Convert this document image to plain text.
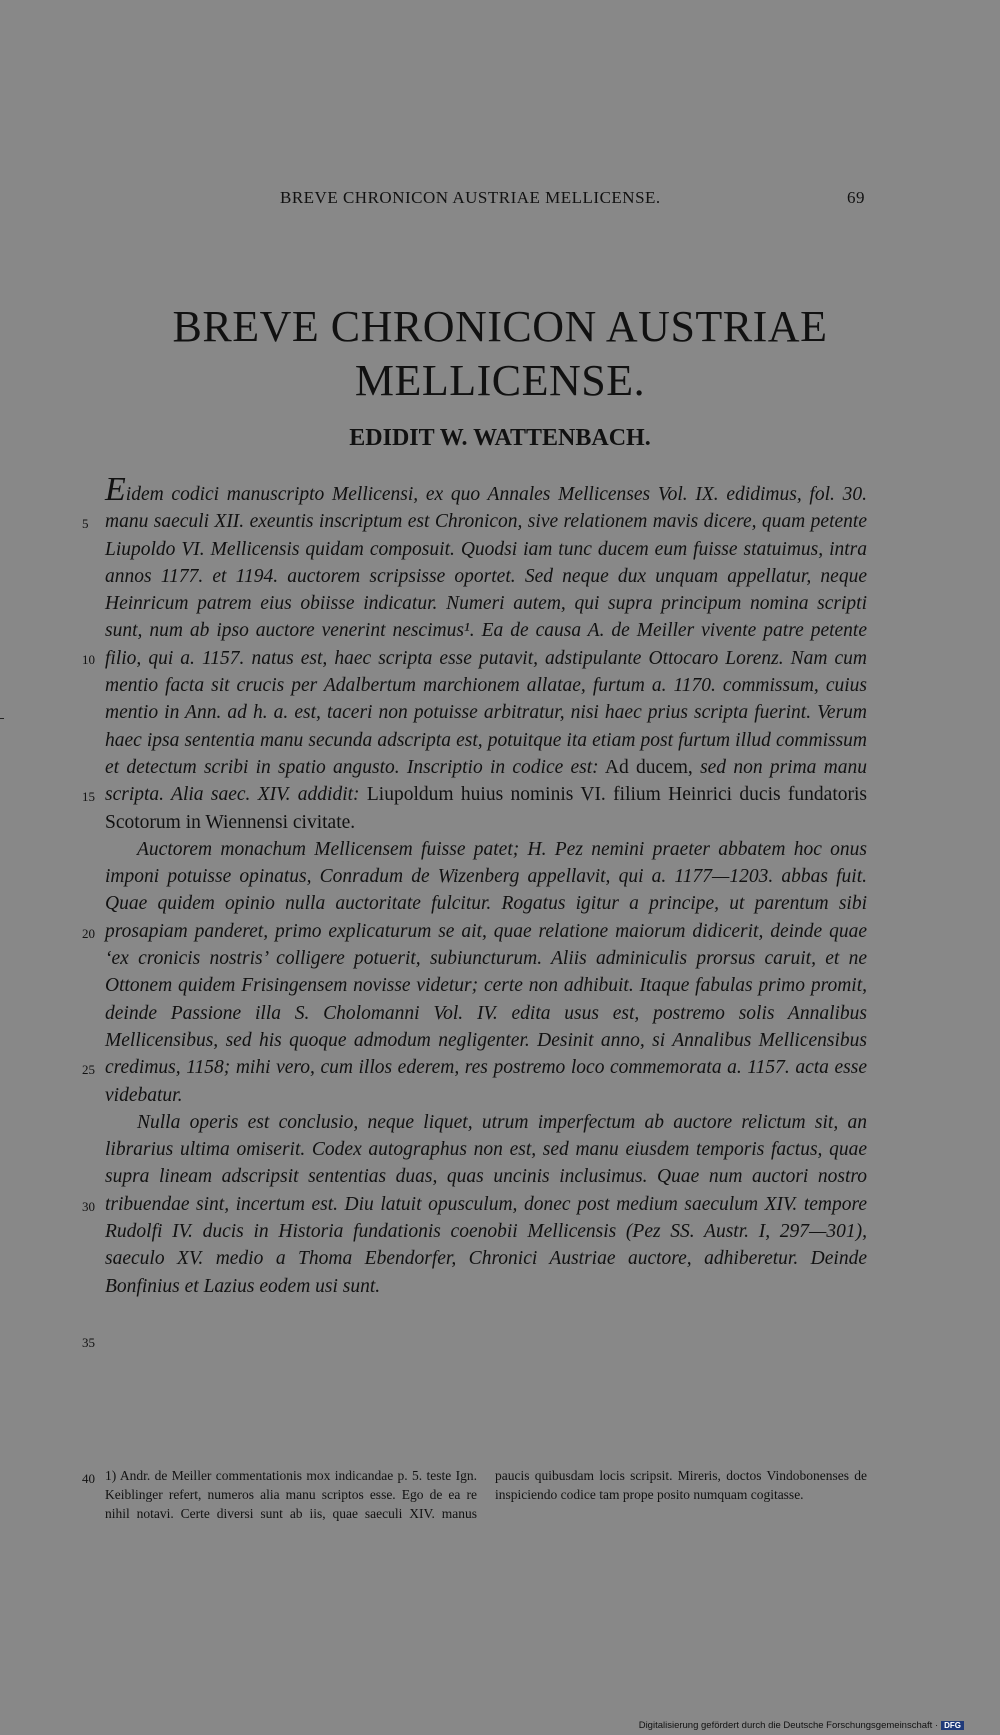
BREVE CHRONICON AUSTRIAE MELLICENSE.	69
BREVE CHRONICON AUSTRIAE
MELLICENSE.
EDIDIT W. WATTENBACH.

Eidem codici manuscripto Mellicensi, ex quo Annales Mellicenses Vol. IX. edidimus, fol. 30. manu saeculi XII. exeuntis inscriptum est Chronicon, sive relationem mavis dicere, quam petente Liupoldo VI. Mellicensis quidam composuit. Quodsi iam tunc ducem eum fuisse statuimus, intra annos 1177. et 1194. auctorem scripsisse oportet. Sed neque dux unquam appellatur, neque Heinricum patrem eius obiisse indicatur. Numeri autem, qui supra principum nomina scripti sunt, num ab ipso auctore venerint nescimus¹. Ea de causa A. de Meiller vivente patre petente filio, qui a. 1157. natus est, haec scripta esse putavit, adstipulante Ottocaro Lorenz. Nam cum mentio facta sit crucis per Adalbertum marchionem allatae, furtum a. 1170. commissum, cuius mentio in Ann. ad h. a. est, taceri non potuisse arbitratur, nisi haec prius scripta fuerint. Verum haec ipsa sententia manu secunda adscripta est, potuitque ita etiam post furtum illud commissum et detectum scribi in spatio angusto. Inscriptio in codice est: Ad ducem, sed non prima manu scripta. Alia saec. XIV. addidit: Liupoldum huius nominis VI. filium Heinrici ducis fundatoris Scotorum in Wiennensi civitate.

Auctorem monachum Mellicensem fuisse patet; H. Pez nemini praeter abbatem hoc onus imponi potuisse opinatus, Conradum de Wizenberg appellavit, qui a. 1177—1203. abbas fuit. Quae quidem opinio nulla auctoritate fulcitur. Rogatus igitur a principe, ut parentum sibi prosapiam panderet, primo explicaturum se ait, quae relatione maiorum didicerit, deinde quae ‘ex cronicis nostris’ colligere potuerit, subiuncturum. Aliis adminiculis prorsus caruit, et ne Ottonem quidem Frisingensem novisse videtur; certe non adhibuit. Itaque fabulas primo promit, deinde Passione illa S. Cholomanni Vol. IV. edita usus est, postremo solis Annalibus Mellicensibus, sed his quoque admodum negligenter. Desinit anno, si Annalibus Mellicensibus credimus, 1158; mihi vero, cum illos ederem, res postremo loco commemorata a. 1157. acta esse videbatur.

Nulla operis est conclusio, neque liquet, utrum imperfectum ab auctore relictum sit, an librarius ultima omiserit. Codex autographus non est, sed manu eiusdem temporis factus, quae supra lineam adscripsit sententias duas, quas uncinis inclusimus. Quae num auctori nostro tribuendae sint, incertum est. Diu latuit opusculum, donec post medium saeculum XIV. tempore Rudolfi IV. ducis in Historia fundationis coenobii Mellicensis (Pez SS. Austr. I, 297—301), saeculo XV. medio a Thoma Ebendorfer, Chronici Austriae auctore, adhiberetur. Deinde Bonfinius et Lazius eodem usi sunt.

5
10
15
20
25
30
35
40 1) Andr. de Meiller commentationis mox indicandae p. 5. teste Ign. Keiblinger refert, numeros alia manu scriptos esse. Ego de ea re nihil notavi. Certe diversi sunt ab iis, quae saeculi XIV. manus paucis quibusdam locis scripsit. Mireris, doctos Vindobonenses de inspiciendo codice tam prope posito numquam cogitasse.
Digitalisierung gefördert durch die Deutsche Forschungsgemeinschaft · DFG
